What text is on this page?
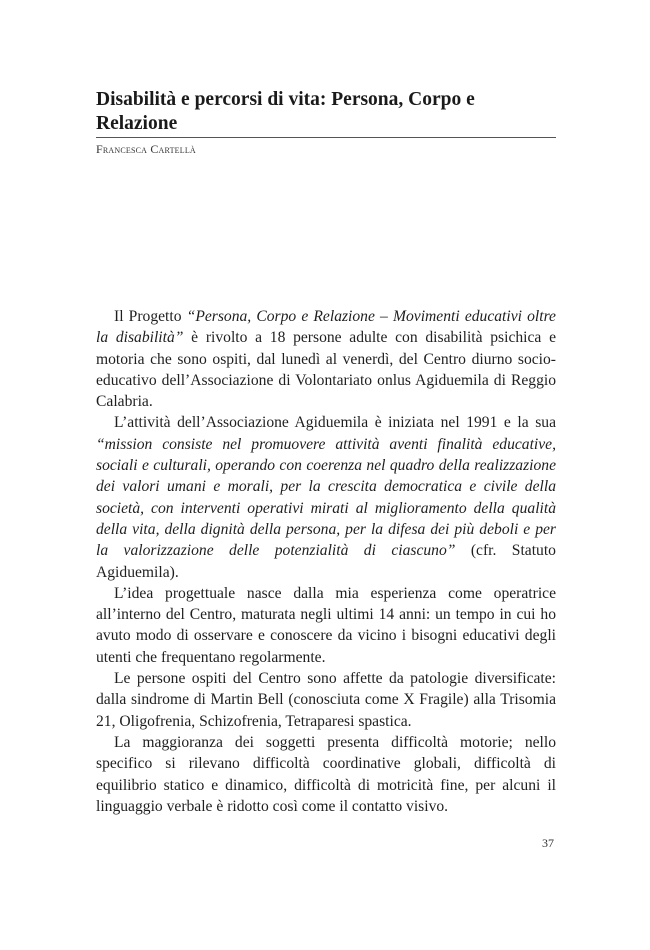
Disabilità e percorsi di vita: Persona, Corpo e Relazione
Francesca Cartellà

Il Progetto “Persona, Corpo e Relazione – Movimenti educativi oltre la disabilità” è rivolto a 18 persone adulte con disabilità psichica e motoria che sono ospiti, dal lunedì al venerdì, del Centro diurno socio-educativo dell’Associazione di Volontariato onlus Agiduemila di Reggio Calabria.

L’attività dell’Associazione Agiduemila è iniziata nel 1991 e la sua “mission consiste nel promuovere attività aventi finalità educative, sociali e culturali, operando con coerenza nel quadro della realizzazione dei valori umani e morali, per la crescita democratica e civile della società, con interventi operativi mirati al miglioramento della qualità della vita, della dignità della persona, per la difesa dei più deboli e per la valorizzazione delle potenzialità di ciascuno” (cfr. Statuto Agiduemila).

L’idea progettuale nasce dalla mia esperienza come operatrice all’interno del Centro, maturata negli ultimi 14 anni: un tempo in cui ho avuto modo di osservare e conoscere da vicino i bisogni educativi degli utenti che frequentano regolarmente.

Le persone ospiti del Centro sono affette da patologie diversificate: dalla sindrome di Martin Bell (conosciuta come X Fragile) alla Trisomia 21, Oligofrenia, Schizofrenia, Tetraparesi spastica.

La maggioranza dei soggetti presenta difficoltà motorie; nello specifico si rilevano difficoltà coordinative globali, difficoltà di equilibrio statico e dinamico, difficoltà di motricità fine, per alcuni il linguaggio verbale è ridotto così come il contatto visivo.

37
